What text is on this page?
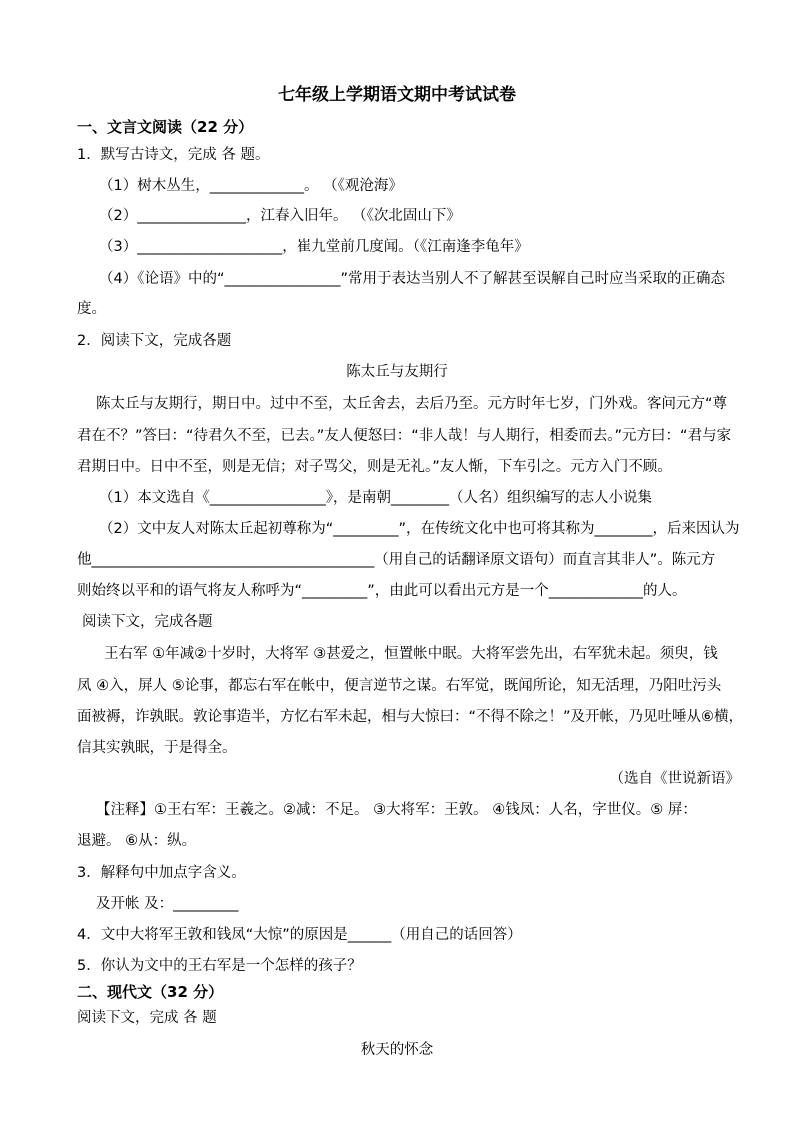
七年级上学期语文期中考试试卷
一、文言文阅读（22 分）
1．默写古诗文，完成 各 题。
（1）树木丛生，_____________。 （《观沧海》
（2）_______________，江春入旧年。 （《次北固山下》
（3）____________________，崔九堂前几度闻。（《江南逢李龟年》
（4）《论语》中的“________________”常用于表达当别人不了解甚至误解自己时应当采取的正确态
度。
2．阅读下文，完成各题
陈太丘与友期行
陈太丘与友期行，期日中。过中不至，太丘舍去，去后乃至。元方时年七岁，门外戏。客问元方“尊
君在不？”答曰：“待君久不至，已去。”友人便怒曰：“非人哉！与人期行，相委而去。”元方曰：“君与家
君期日中。日中不至，则是无信；对子骂父，则是无礼。”友人惭，下车引之。元方入门不顾。
（1）本文选自《________________》，是南朝________（人名）组织编写的志人小说集
（2）文中友人对陈太丘起初尊称为“_________”，在传统文化中也可将其称为________，后来因认为
他_______________________________________（用自己的话翻译原文语句）而直言其非人”。陈元方
则始终以平和的语气将友人称呼为“_________”，由此可以看出元方是一个_____________的人。
阅读下文，完成各题
王右军 ①年减②十岁时，大将军 ③甚爱之，恒置帐中眠。大将军尝先出，右军犹未起。须臾，钱
凤 ④入，屏人 ⑤论事，都忘右军在帐中，便言逆节之谋。右军觉，既闻所论，知无活理，乃阳吐污头
面被褥，诈孰眠。敦论事造半，方忆右军未起，相与大惊曰：“不得不除之！”及开帐，乃见吐唾从⑥横，
信其实孰眠，于是得全。
（选自《世说新语》
【注释】①王右军：王羲之。②减：不足。 ③大将军：王敦。 ④钱凤：人名，字世仪。⑤ 屏：
退避。 ⑥从：纵。
3．解释句中加点字含义。
及开帐 及：_________
4．文中大将军王敦和钱凤“大惊”的原因是______（用自己的话回答）
5．你认为文中的王右军是一个怎样的孩子？
二、现代文（32 分）
阅读下文，完成 各 题
秋天的怀念
